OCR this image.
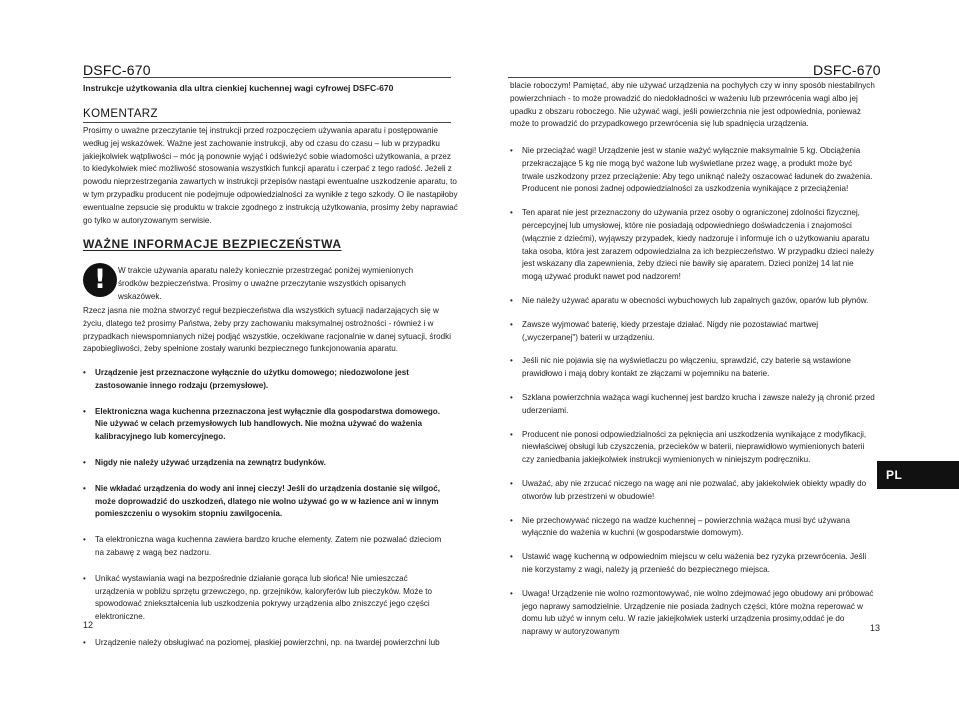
DSFC-670
Instrukcje użytkowania dla ultra cienkiej kuchennej wagi cyfrowej DSFC-670
KOMENTARZ
Prosimy o uważne przeczytanie tej instrukcji przed rozpoczęciem używania aparatu i postępowanie według jej wskazówek. Ważne jest zachowanie instrukcji, aby od czasu do czasu – lub w przypadku jakiejkolwiek wątpliwości – móc ją ponownie wyjąć i odświeżyć sobie wiadomości użytkowania, a przez to kiedykolwiek mieć możliwość stosowania wszystkich funkcji aparatu i czerpać z tego radość. Jeżeli z powodu nieprzestrzegania zawartych w instrukcji przepisów nastąpi ewentualne uszkodzenie aparatu, to w tym przypadku producent nie podejmuje odpowiedzialności za wynikłe z tego szkody. O ile nastąpiłoby ewentualne zepsucie się produktu w trakcie zgodnego z instrukcją użytkowania, prosimy żeby naprawiać go tylko w autoryzowanym serwisie.
WAŻNE INFORMACJE BEZPIECZEŃSTWA
!	W trakcie używania aparatu należy koniecznie przestrzegać poniżej wymienionych środków bezpieczeństwa. Prosimy o uważne przeczytanie wszystkich opisanych wskazówek.
Rzecz jasna nie można stworzyć reguł bezpieczeństwa dla wszystkich sytuacji nadarzających się w życiu, dlatego też prosimy Państwa, żeby przy zachowaniu maksymalnej ostrożności - również i w przypadkach niewspomnianych niżej podjąć wszystkie, oczekiwane racjonalnie w danej sytuacji, środki zapobiegliwości, żeby spełnione zostały warunki bezpiecznego funkcjonowania aparatu.
• Urządzenie jest przeznaczone wyłącznie do użytku domowego; niedozwolone jest zastosowanie innego rodzaju (przemysłowe).
• Elektroniczna waga kuchenna przeznaczona jest wyłącznie dla gospodarstwa domowego. Nie używać w celach przemysłowych lub handlowych. Nie można używać do ważenia kalibracyjnego lub komercyjnego.
• Nigdy nie należy używać urządzenia na zewnątrz budynków.
• Nie wkładać urządzenia do wody ani innej cieczy! Jeśli do urządzenia dostanie się wilgoć, może doprowadzić do uszkodzeń, dlatego nie wolno używać go w w łazience ani w innym pomieszczeniu o wysokim stopniu zawilgocenia.
• Ta elektroniczna waga kuchenna zawiera bardzo kruche elementy. Zatem nie pozwalać dzieciom na zabawę z wagą bez nadzoru.
• Unikać wystawiania wagi na bezpośrednie działanie gorąca lub słońca! Nie umieszczać urządzenia w pobliżu sprzętu grzewczego, np. grzejników, kaloryferów lub pieczyków. Może to spowodować zniekształcenia lub uszkodzenia pokrywy urządzenia albo zniszczyć jego części elektroniczne.
• Urządzenie należy obsługiwać na poziomej, płaskiej powierzchni, np. na twardej powierzchni lub
12
DSFC-670
blacie roboczym! Pamiętać, aby nie używać urządzenia na pochyłych czy w inny sposób niestabilnych powierzchniach - to może prowadzić do niedokładności w ważeniu lub przewrócenia wagi albo jej upadku z obszaru roboczego. Nie używać wagi, jeśli powierzchnia nie jest odpowiednia, ponieważ może to prowadzić do przypadkowego przewrócenia się lub spadnięcia urządzenia.
• Nie przeciążać wagi! Urządzenie jest w stanie ważyć wyłącznie maksymalnie 5 kg. Obciążenia przekraczające 5 kg nie mogą być ważone lub wyświetlane przez wagę, a produkt może być trwale uszkodzony przez przeciążenie: Aby tego uniknąć należy oszacować ładunek do zważenia. Producent nie ponosi żadnej odpowiedzialności za uszkodzenia wynikające z przeciążenia!
• Ten aparat nie jest przeznaczony do używania przez osoby o ograniczonej zdolności fizycznej, percepcyjnej lub umysłowej, które nie posiadają odpowiedniego doświadczenia i znajomości (włącznie z dziećmi), wyjąwszy przypadek, kiedy nadzoruje i informuje ich o użytkowaniu aparatu taka osoba, która jest zarazem odpowiedzialna za ich bezpieczeństwo. W przypadku dzieci należy jest wskazany dla zapewnienia, żeby dzieci nie bawiły się aparatem. Dzieci poniżej 14 lat nie mogą używać produkt nawet pod nadzorem!
• Nie należy używać aparatu w obecności wybuchowych lub zapalnych gazów, oparów lub płynów.
• Zawsze wyjmować baterię, kiedy przestaje działać. Nigdy nie pozostawiać martwej („wyczerpanej") baterii w urządzeniu.
• Jeśli nic nie pojawia się na wyświetlaczu po włączeniu, sprawdzić, czy baterie są wstawione prawidłowo i mają dobry kontakt ze złączami w pojemniku na baterie.
• Szklana powierzchnia ważąca wagi kuchennej jest bardzo krucha i zawsze należy ją chronić przed uderzeniami.
• Producent nie ponosi odpowiedzialności za pęknięcia ani uszkodzenia wynikające z modyfikacji, niewłaściwej obsługi lub czyszczenia, przecieków w baterii, nieprawidłowo wymienionych baterii czy zaniedbania jakiejkolwiek instrukcji wymienionych w niniejszym podręczniku.
• Uważać, aby nie zrzucać niczego na wagę ani nie pozwalać, aby jakiekolwiek obiekty wpadły do otworów lub przestrzeni w obudowie!
• Nie przechowywać niczego na wadze kuchennej – powierzchnia ważąca musi być używana wyłącznie do ważenia w kuchni (w gospodarstwie domowym).
• Ustawić wagę kuchenną w odpowiednim miejscu w celu ważenia bez ryzyka przewrócenia. Jeśli nie korzystamy z wagi, należy ją przenieść do bezpiecznego miejsca.
• Uwaga! Urządzenie nie wolno rozmontowywać, nie wolno zdejmować jego obudowy ani próbować jego naprawy samodzielnie. Urządzenie nie posiada żadnych części, które można reperować w domu lub użyć w innym celu. W razie jakiejkolwiek usterki urządzenia prosimy,oddać je do naprawy w autoryzowanym
PL
13
